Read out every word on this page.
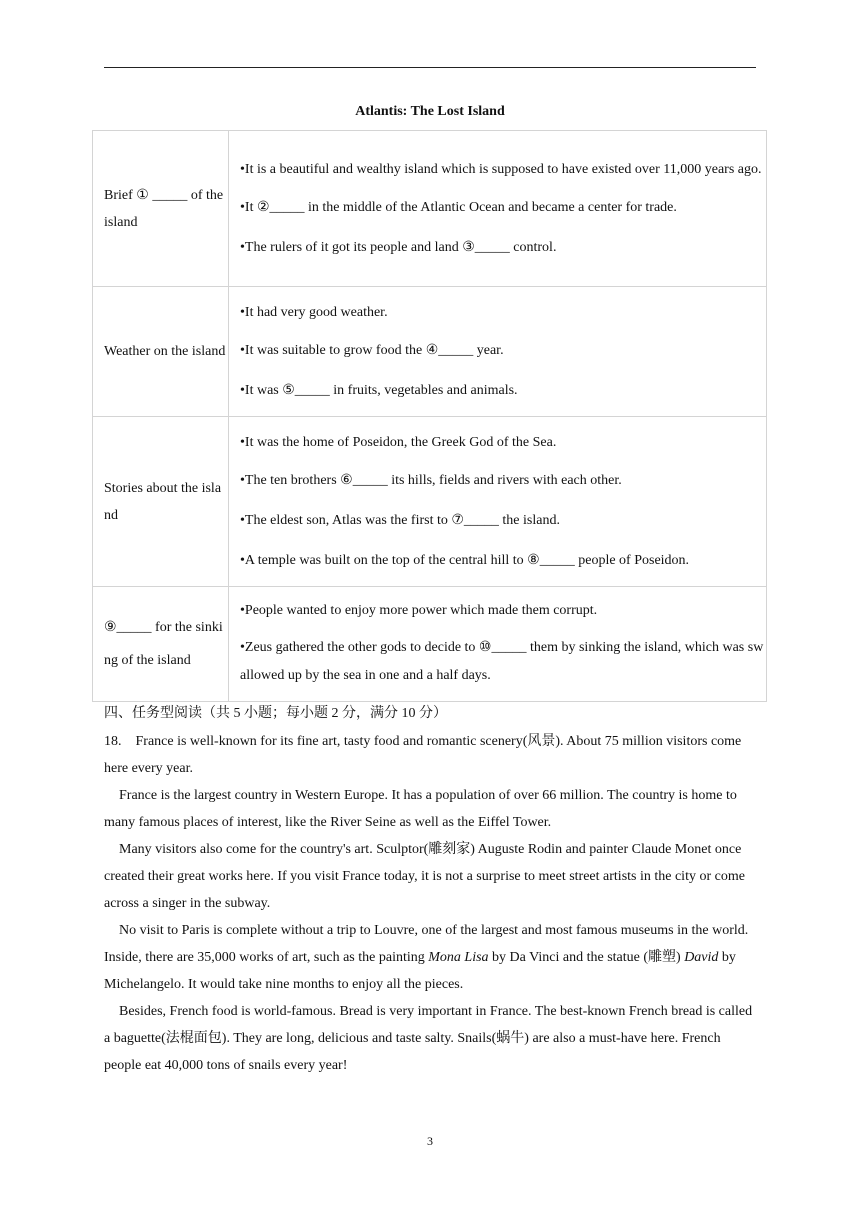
Atlantis: The Lost Island
Brief ① _____ of the island	•It is a beautiful and wealthy island which is supposed to have existed over 11,000 years ago.

•It ②_____ in the middle of the Atlantic Ocean and became a center for trade.

•The rulers of it got its people and land ③_____ control.

Weather on the island	•It had very good weather.

•It was suitable to grow food the ④_____ year.

•It was ⑤_____ in fruits, vegetables and animals.

Stories about the island	•It was the home of Poseidon, the Greek God of the Sea.

•The ten brothers ⑥_____ its hills, fields and rivers with each other.

•The eldest son, Atlas was the first to ⑦_____ the island.

•A temple was built on the top of the central hill to ⑧_____ people of Poseidon.

⑨_____ for the sinking of the island	•People wanted to enjoy more power which made them corrupt.

•Zeus gathered the other gods to decide to ⑩_____ them by sinking the island, which was swallowed up by the sea in one and a half days.

四、任务型阅读（共 5 小题；每小题 2 分，满分 10 分）

18.    France is well-known for its fine art, tasty food and romantic scenery(风景). About 75 million visitors come here every year.

France is the largest country in Western Europe. It has a population of over 66 million. The country is home to many famous places of interest, like the River Seine as well as the Eiffel Tower.

Many visitors also come for the country's art. Sculptor(雕刻家) Auguste Rodin and painter Claude Monet once created their great works here. If you visit France today, it is not a surprise to meet street artists in the city or come across a singer in the subway.

No visit to Paris is complete without a trip to Louvre, one of the largest and most famous museums in the world. Inside, there are 35,000 works of art, such as the painting Mona Lisa by Da Vinci and the statue (雕塑) David by Michelangelo. It would take nine months to enjoy all the pieces.

Besides, French food is world-famous. Bread is very important in France. The best-known French bread is called a baguette(法棍面包). They are long, delicious and taste salty. Snails(蜗牛) are also a must-have here. French people eat 40,000 tons of snails every year!

3
